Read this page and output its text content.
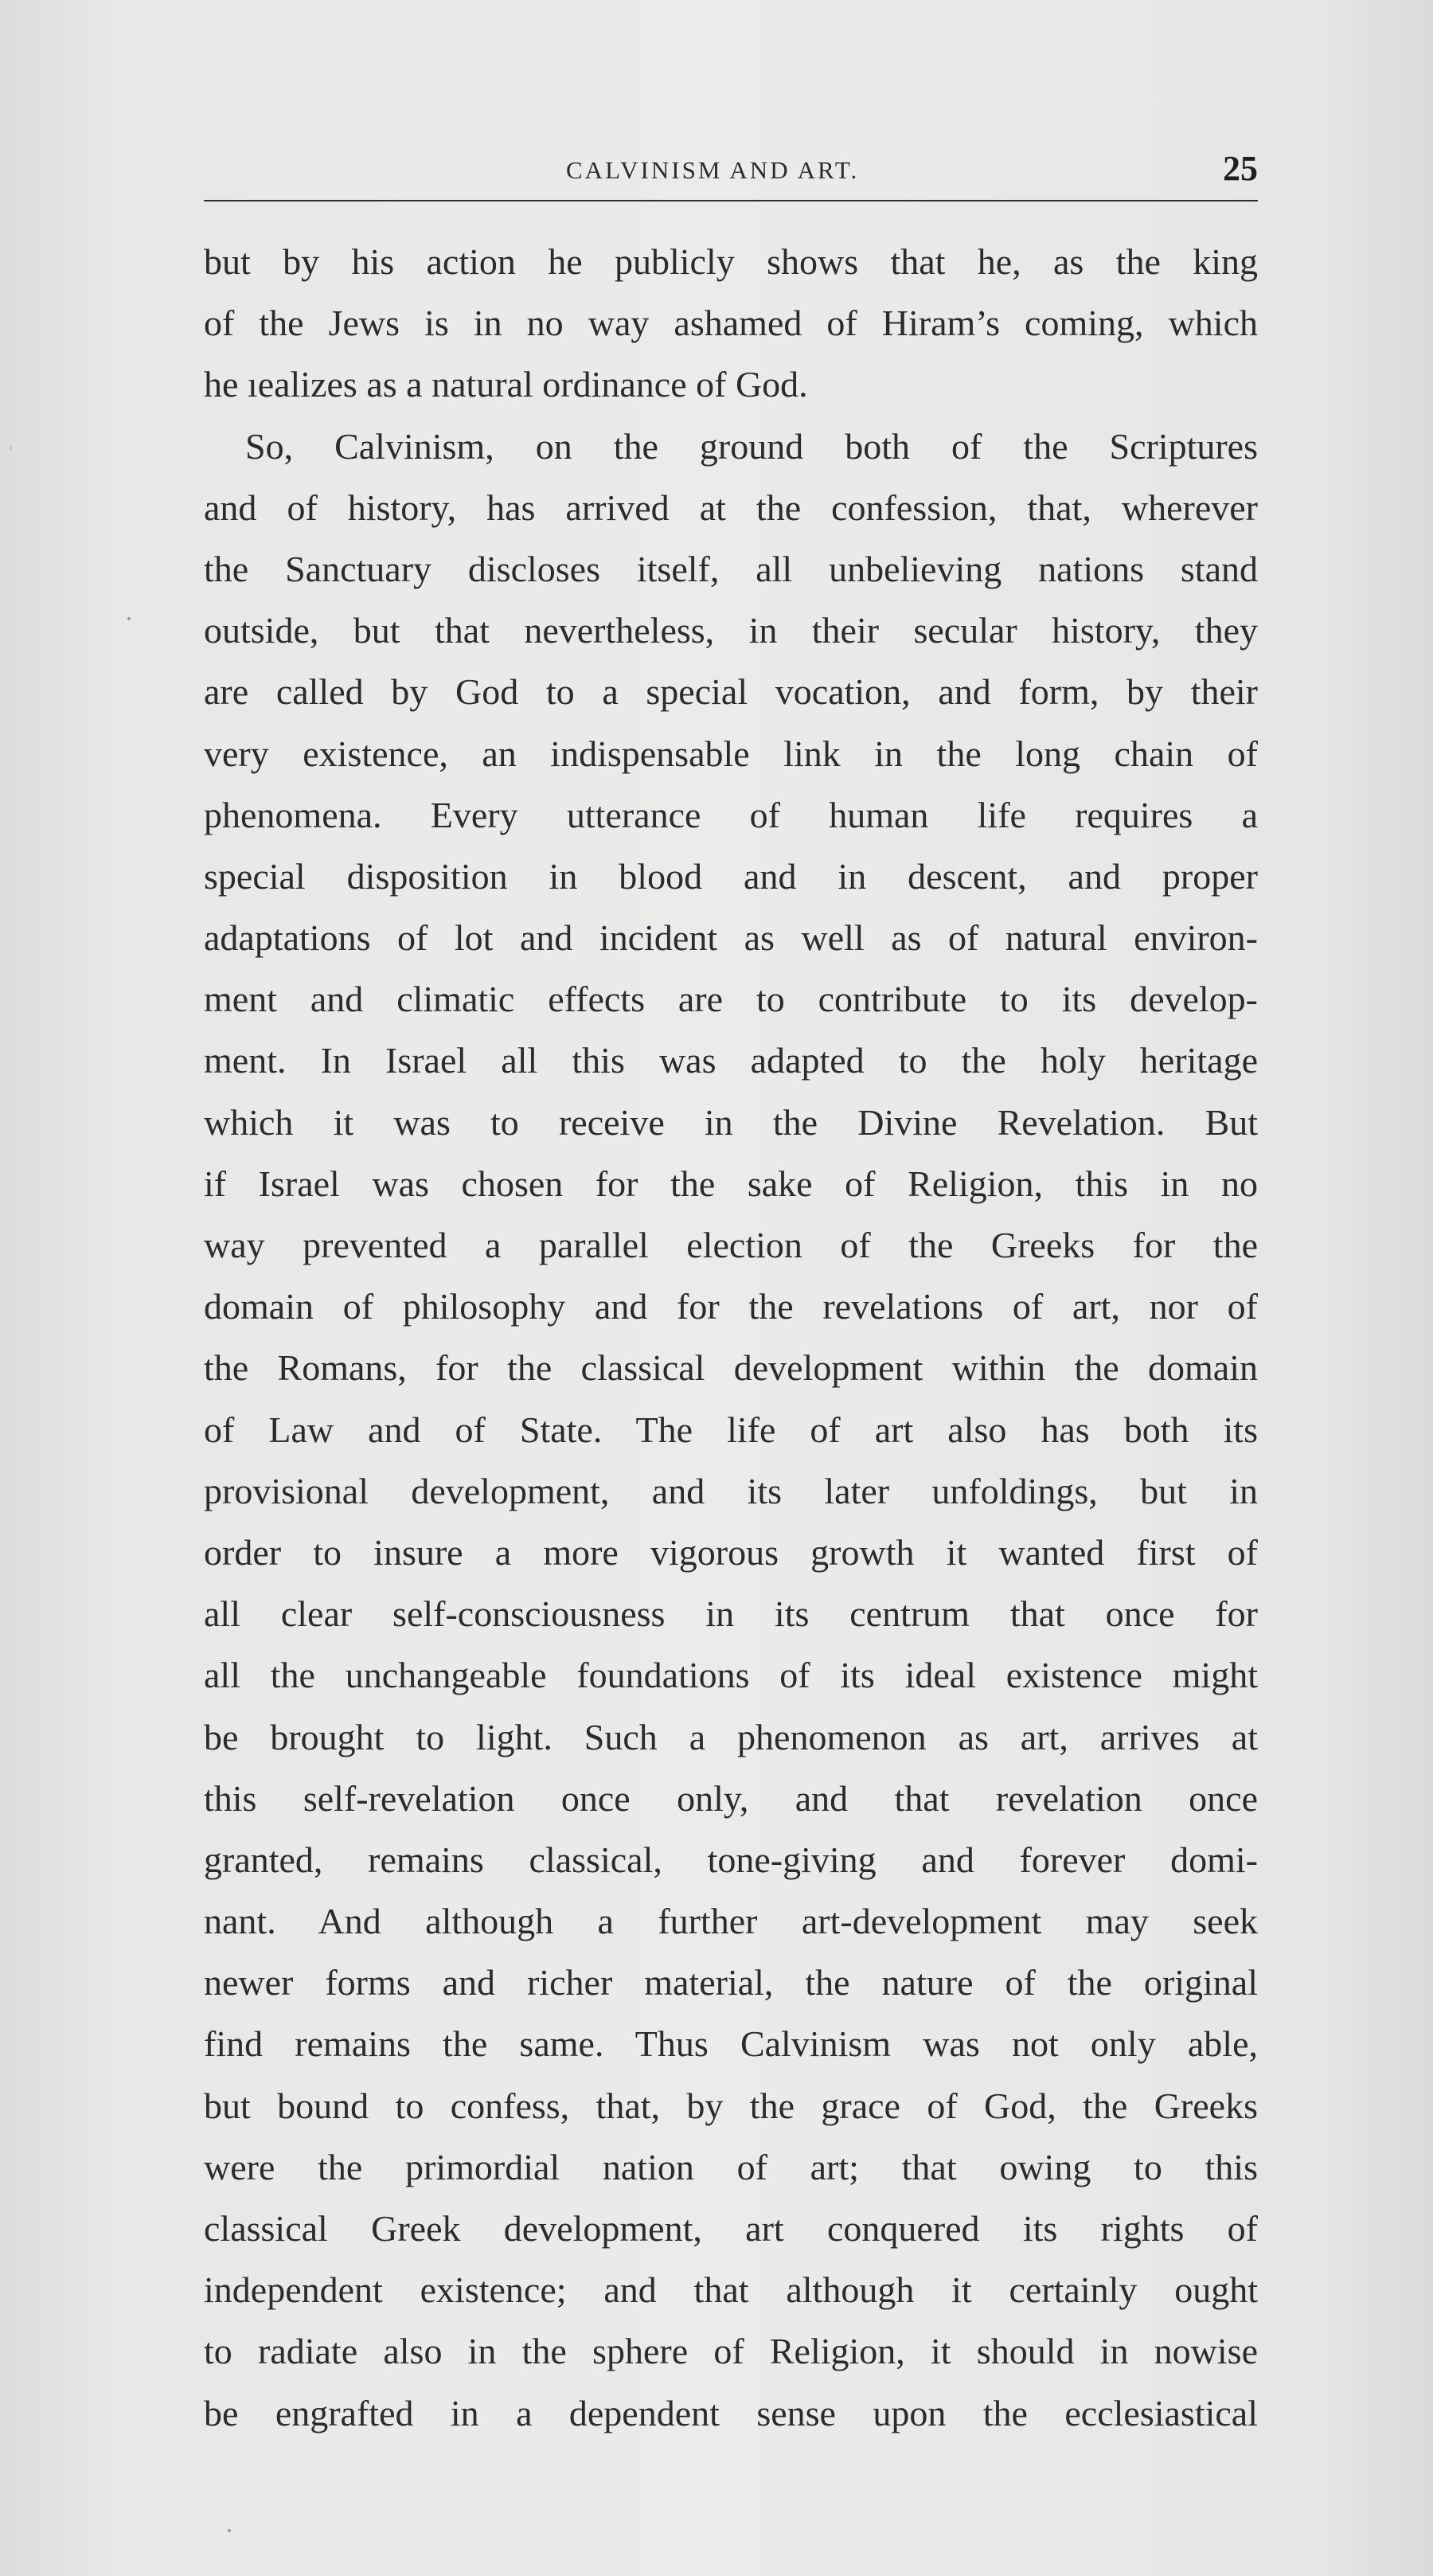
CALVINISM AND ART.	25
but by his action he publicly shows that he, as the king
of the Jews is in no way ashamed of Hiram’s coming, which
he ıealizes as a natural ordinance of God.
So, Calvinism, on the ground both of the Scriptures
and of history, has arrived at the confession, that, wherever
the Sanctuary discloses itself, all unbelieving nations stand
outside, but that nevertheless, in their secular history, they
are called by God to a special vocation, and form, by their
very existence, an indispensable link in the long chain of
phenomena. Every utterance of human life requires a
special disposition in blood and in descent, and proper
adaptations of lot and incident as well as of natural environ-
ment and climatic effects are to contribute to its develop-
ment. In Israel all this was adapted to the holy heritage
which it was to receive in the Divine Revelation. But
if Israel was chosen for the sake of Religion, this in no
way prevented a parallel election of the Greeks for the
domain of philosophy and for the revelations of art, nor of
the Romans, for the classical development within the domain
of Law and of State. The life of art also has both its
provisional development, and its later unfoldings, but in
order to insure a more vigorous growth it wanted first of
all clear self-consciousness in its centrum that once for
all the unchangeable foundations of its ideal existence might
be brought to light. Such a phenomenon as art, arrives at
this self-revelation once only, and that revelation once
granted, remains classical, tone-giving and forever domi-
nant. And although a further art-development may seek
newer forms and richer material, the nature of the original
find remains the same. Thus Calvinism was not only able,
but bound to confess, that, by the grace of God, the Greeks
were the primordial nation of art; that owing to this
classical Greek development, art conquered its rights of
independent existence; and that although it certainly ought
to radiate also in the sphere of Religion, it should in nowise
be engrafted in a dependent sense upon the ecclesiastical
